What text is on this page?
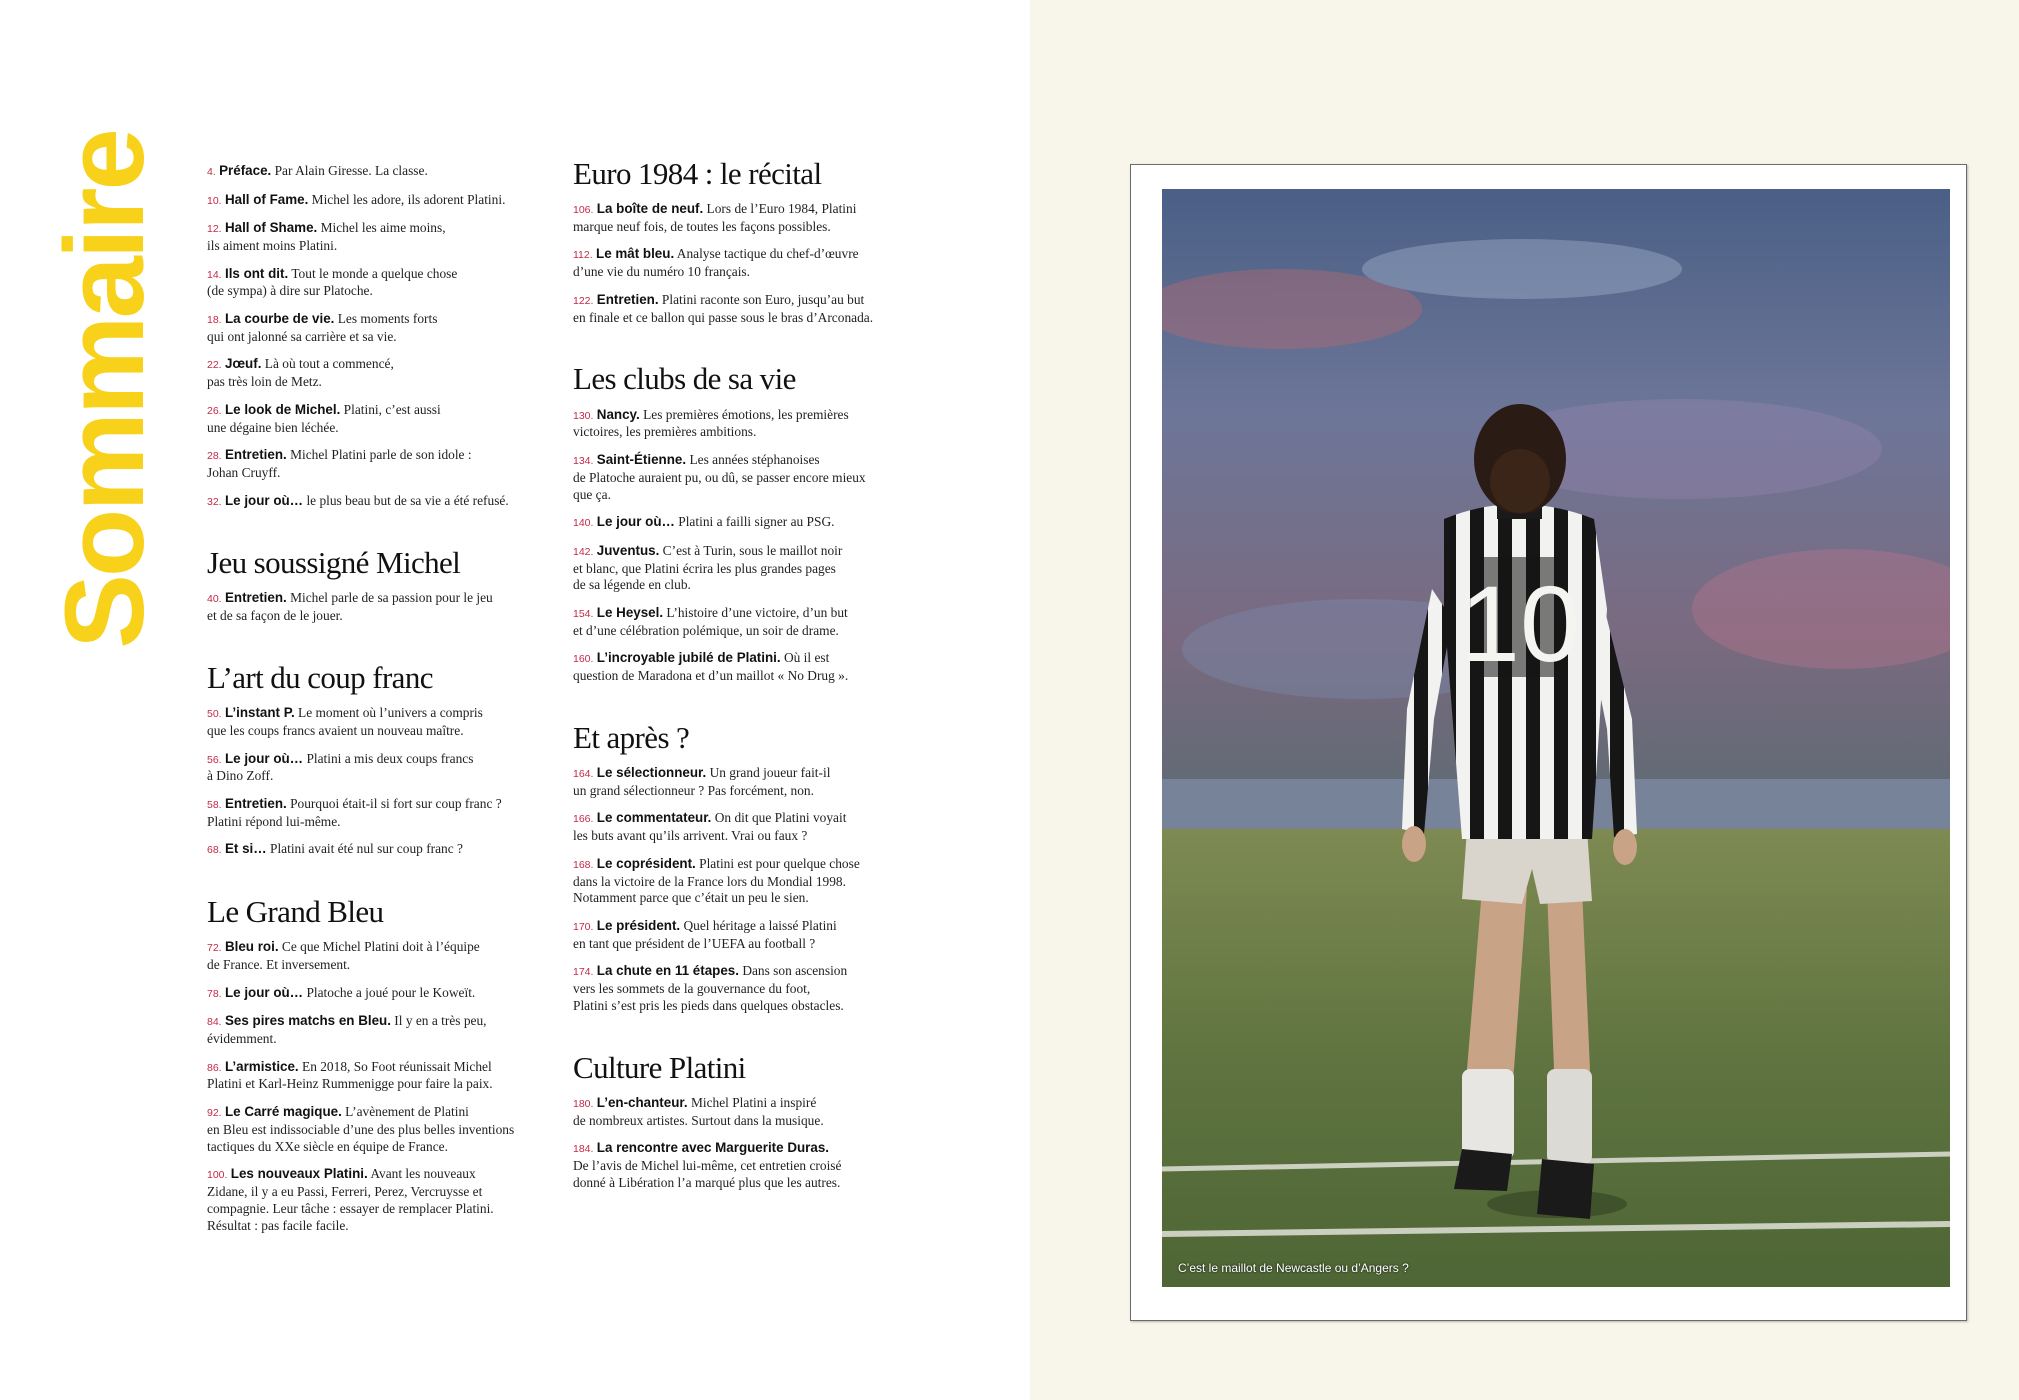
Sommaire	4. Préface. Par Alain Giresse. La classe.

10. Hall of Fame. Michel les adore, ils adorent Platini.

12. Hall of Shame. Michel les aime moins,
ils aiment moins Platini.

14. Ils ont dit. Tout le monde a quelque chose
(de sympa) à dire sur Platoche.

18. La courbe de vie. Les moments forts
qui ont jalonné sa carrière et sa vie.

22. Jœuf. Là où tout a commencé,
pas très loin de Metz.

26. Le look de Michel. Platini, c’est aussi
une dégaine bien léchée.

28. Entretien. Michel Platini parle de son idole :
Johan Cruyff.

32. Le jour où… le plus beau but de sa vie a été refusé.

Jeu soussigné Michel

40. Entretien. Michel parle de sa passion pour le jeu
et de sa façon de le jouer.

L’art du coup franc

50. L’instant P. Le moment où l’univers a compris
que les coups francs avaient un nouveau maître.

56. Le jour où… Platini a mis deux coups francs
à Dino Zoff.

58. Entretien. Pourquoi était-il si fort sur coup franc ?
Platini répond lui-même.

68. Et si… Platini avait été nul sur coup franc ?

Le Grand Bleu

72. Bleu roi. Ce que Michel Platini doit à l’équipe
de France. Et inversement.

78. Le jour où… Platoche a joué pour le Koweït.

84. Ses pires matchs en Bleu. Il y en a très peu,
évidemment.

86. L’armistice. En 2018, So Foot réunissait Michel
Platini et Karl-Heinz Rummenigge pour faire la paix.

92. Le Carré magique. L’avènement de Platini
en Bleu est indissociable d’une des plus belles inventions
tactiques du XXe siècle en équipe de France.

100. Les nouveaux Platini. Avant les nouveaux
Zidane, il y a eu Passi, Ferreri, Perez, Vercruysse et
compagnie. Leur tâche : essayer de remplacer Platini.
Résultat : pas facile facile.

Euro 1984 : le récital

106. La boîte de neuf. Lors de l’Euro 1984, Platini
marque neuf fois, de toutes les façons possibles.

112. Le mât bleu. Analyse tactique du chef-d’œuvre
d’une vie du numéro 10 français.

122. Entretien. Platini raconte son Euro, jusqu’au but
en finale et ce ballon qui passe sous le bras d’Arconada.

Les clubs de sa vie

130. Nancy. Les premières émotions, les premières
victoires, les premières ambitions.

134. Saint-Étienne. Les années stéphanoises
de Platoche auraient pu, ou dû, se passer encore mieux
que ça.

140. Le jour où… Platini a failli signer au PSG.

142. Juventus. C’est à Turin, sous le maillot noir
et blanc, que Platini écrira les plus grandes pages
de sa légende en club.

154. Le Heysel. L’histoire d’une victoire, d’un but
et d’une célébration polémique, un soir de drame.

160. L’incroyable jubilé de Platini. Où il est
question de Maradona et d’un maillot « No Drug ».

Et après ?

164. Le sélectionneur. Un grand joueur fait-il
un grand sélectionneur ? Pas forcément, non.

166. Le commentateur. On dit que Platini voyait
les buts avant qu’ils arrivent. Vrai ou faux ?

168. Le coprésident. Platini est pour quelque chose
dans la victoire de la France lors du Mondial 1998.
Notamment parce que c’était un peu le sien.

170. Le président. Quel héritage a laissé Platini
en tant que président de l’UEFA au football ?

174. La chute en 11 étapes. Dans son ascension
vers les sommets de la gouvernance du foot,
Platini s’est pris les pieds dans quelques obstacles.

Culture Platini

180. L’en-chanteur. Michel Platini a inspiré
de nombreux artistes. Surtout dans la musique.

184. La rencontre avec Marguerite Duras.
De l’avis de Michel lui-même, cet entretien croisé
donné à Libération l’a marqué plus que les autres.

10
C’est le maillot de Newcastle ou d’Angers ?
